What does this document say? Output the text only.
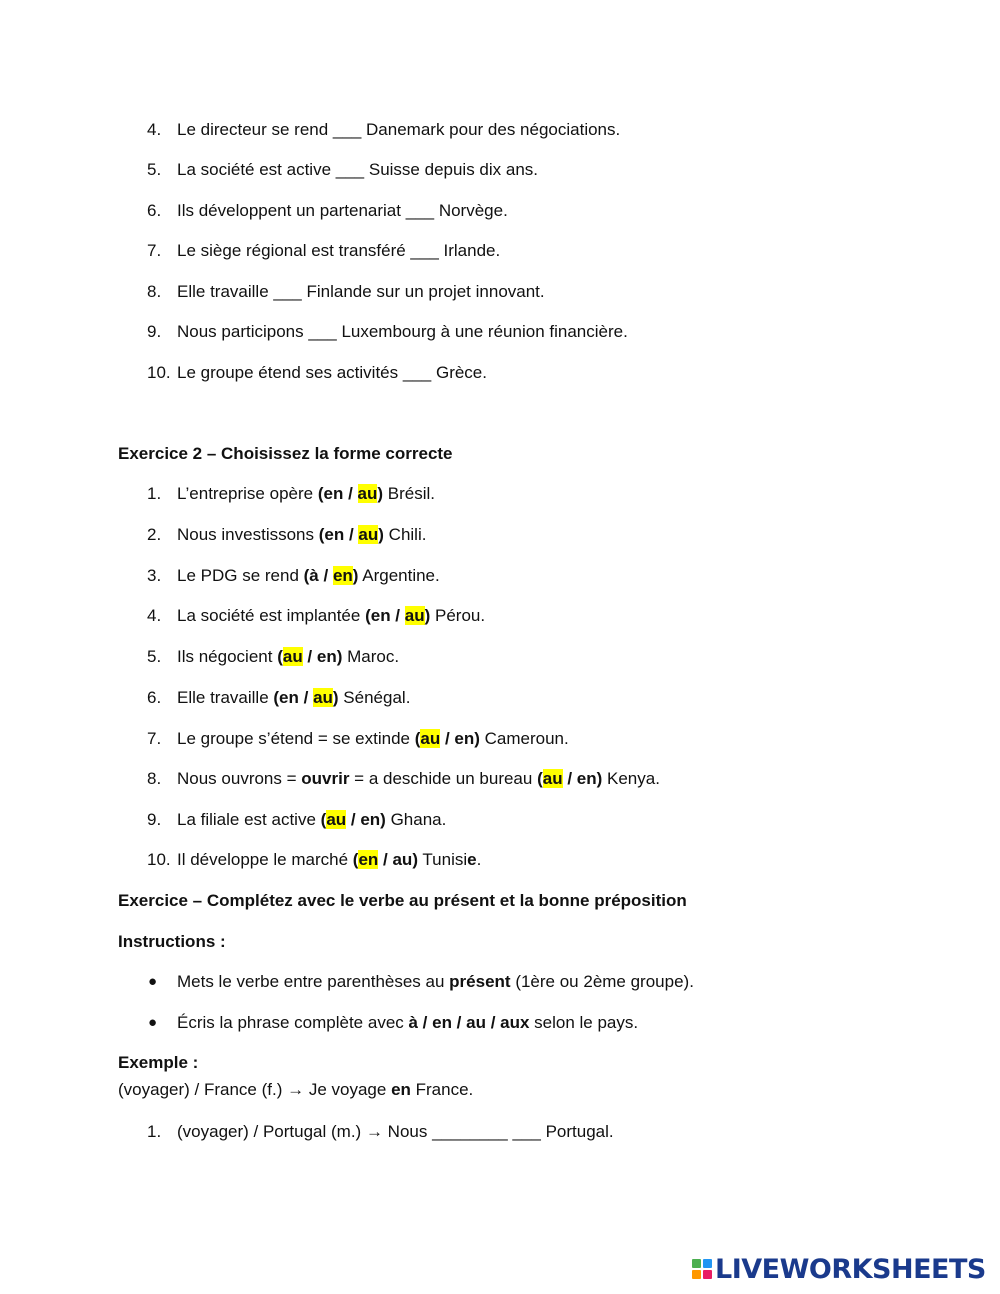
4. Le directeur se rend ___ Danemark pour des négociations.
5. La société est active ___ Suisse depuis dix ans.
6. Ils développent un partenariat ___ Norvège.
7. Le siège régional est transféré ___ Irlande.
8. Elle travaille ___ Finlande sur un projet innovant.
9. Nous participons ___ Luxembourg à une réunion financière.
10. Le groupe étend ses activités ___ Grèce.
Exercice 2 – Choisissez la forme correcte
1. L’entreprise opère (en / au) Brésil.
2. Nous investissons (en / au) Chili.
3. Le PDG se rend (à / en) Argentine.
4. La société est implantée (en / au) Pérou.
5. Ils négocient (au / en) Maroc.
6. Elle travaille (en / au) Sénégal.
7. Le groupe s’étend = se extinde (au / en) Cameroun.
8. Nous ouvrons = ouvrir = a deschide un bureau (au / en) Kenya.
9. La filiale est active (au / en) Ghana.
10. Il développe le marché (en / au) Tunisie.
Exercice – Complétez avec le verbe au présent et la bonne préposition
Instructions :
● Mets le verbe entre parenthèses au présent (1ère ou 2ème groupe).
● Écris la phrase complète avec à / en / au / aux selon le pays.
Exemple :
(voyager) / France (f.) → Je voyage en France.
1. (voyager) / Portugal (m.) → Nous ________ ___ Portugal.
LIVEWORKSHEETS
